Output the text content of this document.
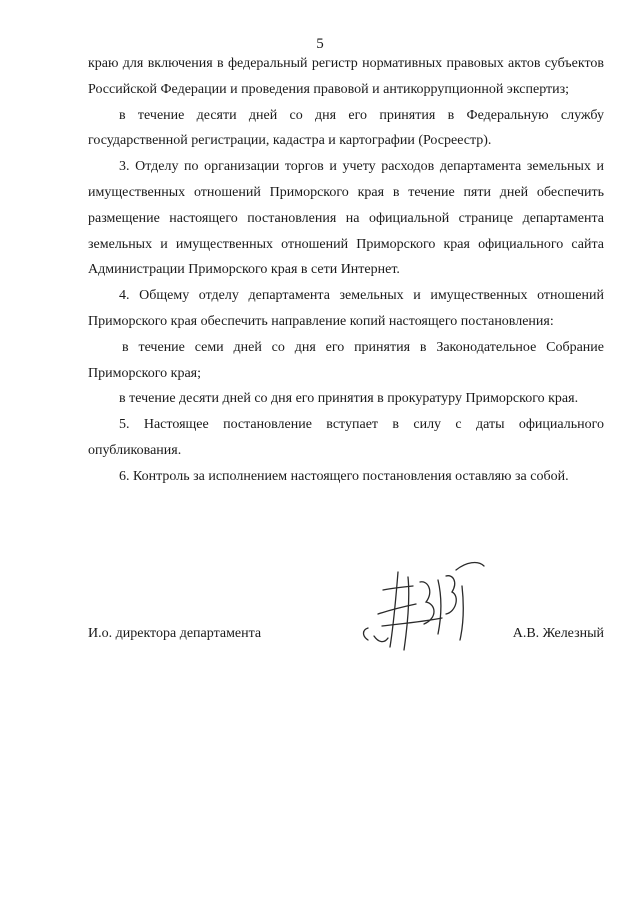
5

краю для включения в федеральный регистр нормативных правовых актов субъектов Российской Федерации и проведения правовой и антикоррупционной экспертиз;

в течение десяти дней со дня его принятия в Федеральную службу государственной регистрации, кадастра и картографии (Росреестр).

3. Отделу по организации торгов и учету расходов департамента земельных и имущественных отношений Приморского края в течение пяти дней обеспечить размещение настоящего постановления на официальной странице департамента земельных и имущественных отношений Приморского края официального сайта Администрации Приморского края в сети Интернет.

4. Общему отделу департамента земельных и имущественных отношений Приморского края обеспечить направление копий настоящего постановления:

в течение семи дней со дня его принятия в Законодательное Собрание Приморского края;

в течение десяти дней со дня его принятия в прокуратуру Приморского края.

5. Настоящее постановление вступает в силу с даты официального опубликования.

6. Контроль за исполнением настоящего постановления оставляю за собой.

И.о. директора департамента	А.В. Железный
